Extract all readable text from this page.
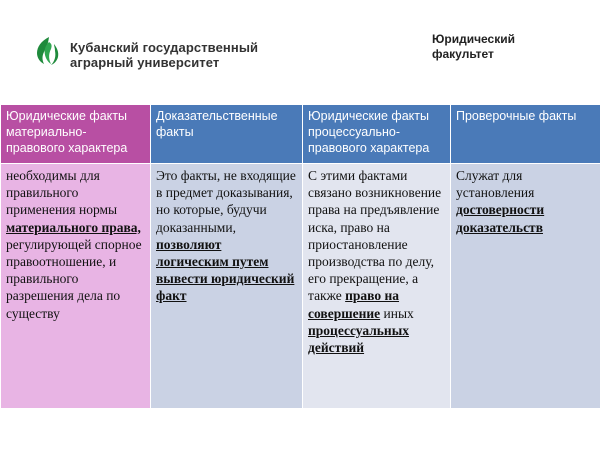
Кубанский государственный
аграрный университет
Юридический
факультет
Юридические факты материально-правового характера	Доказательственные факты	Юридические факты процессуально-правового характера	Проверочные факты
необходимы для правильного применения нормы материального права, регулирующей спорное правоотношение, и правильного разрешения дела по существу	Это факты, не входящие в предмет доказывания, но которые, будучи доказанными, позволяют логическим путем вывести юридический факт	С этими фактами связано возникновение права на предъявление иска, право на приостановление производства по делу, его прекращение, а также право на совершение иных процессуальных действий	Служат для установления достоверности доказательств
